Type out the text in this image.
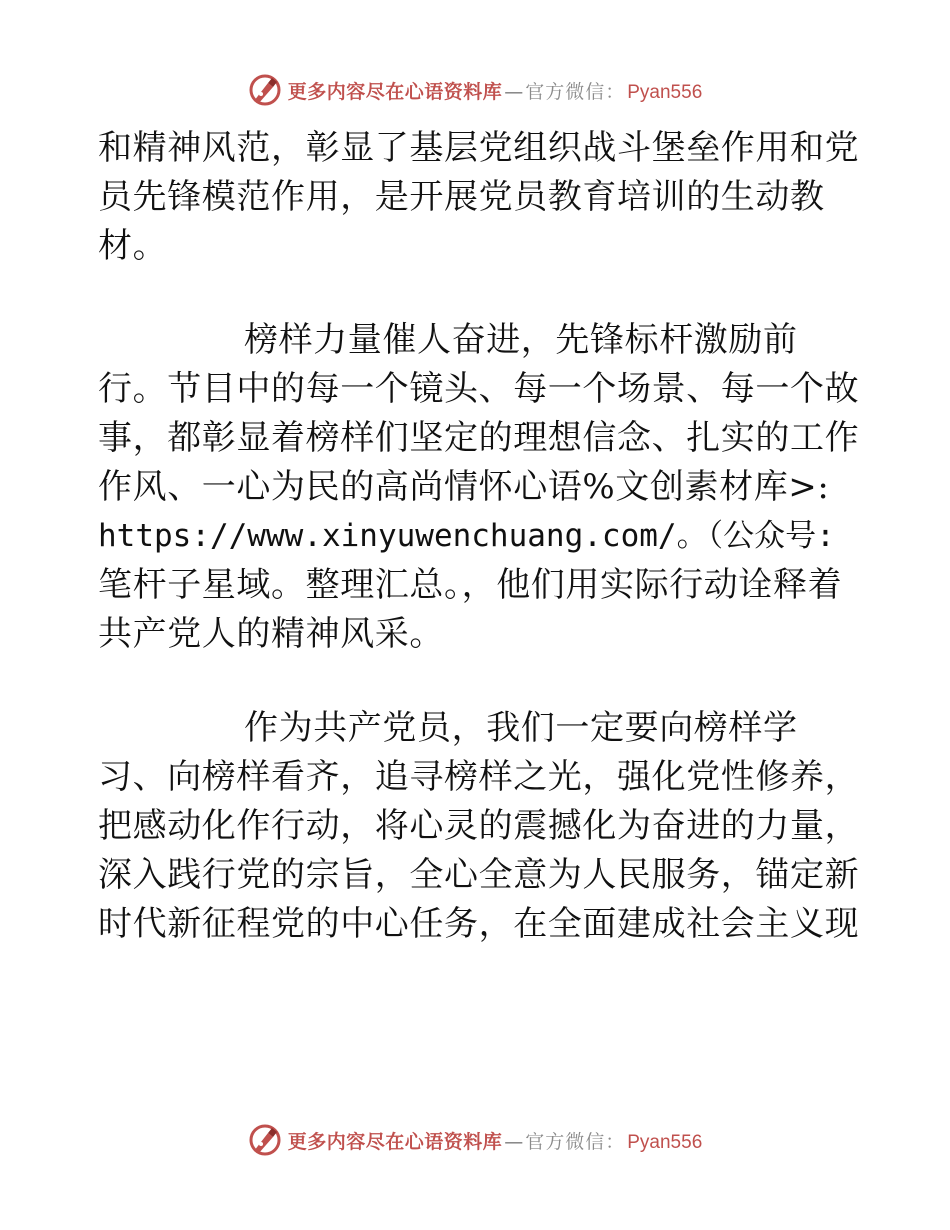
更多内容尽在心语资料库 — 官方微信： Pyan556
和精神风范，彰显了基层党组织战斗堡垒作用和党
员先锋模范作用，是开展党员教育培训的生动教
材。
榜样力量催人奋进，先锋标杆激励前
行。节目中的每一个镜头、每一个场景、每一个故
事，都彰显着榜样们坚定的理想信念、扎实的工作
作风、一心为民的高尚情怀心语%文创素材库>:
https://www.xinyuwenchuang.com/。（公众号:
笔杆子星域。整理汇总。，他们用实际行动诠释着
共产党人的精神风采。
作为共产党员，我们一定要向榜样学
习、向榜样看齐，追寻榜样之光，强化党性修养，
把感动化作行动，将心灵的震撼化为奋进的力量，
深入践行党的宗旨，全心全意为人民服务，锚定新
时代新征程党的中心任务，在全面建成社会主义现
更多内容尽在心语资料库 — 官方微信： Pyan556
